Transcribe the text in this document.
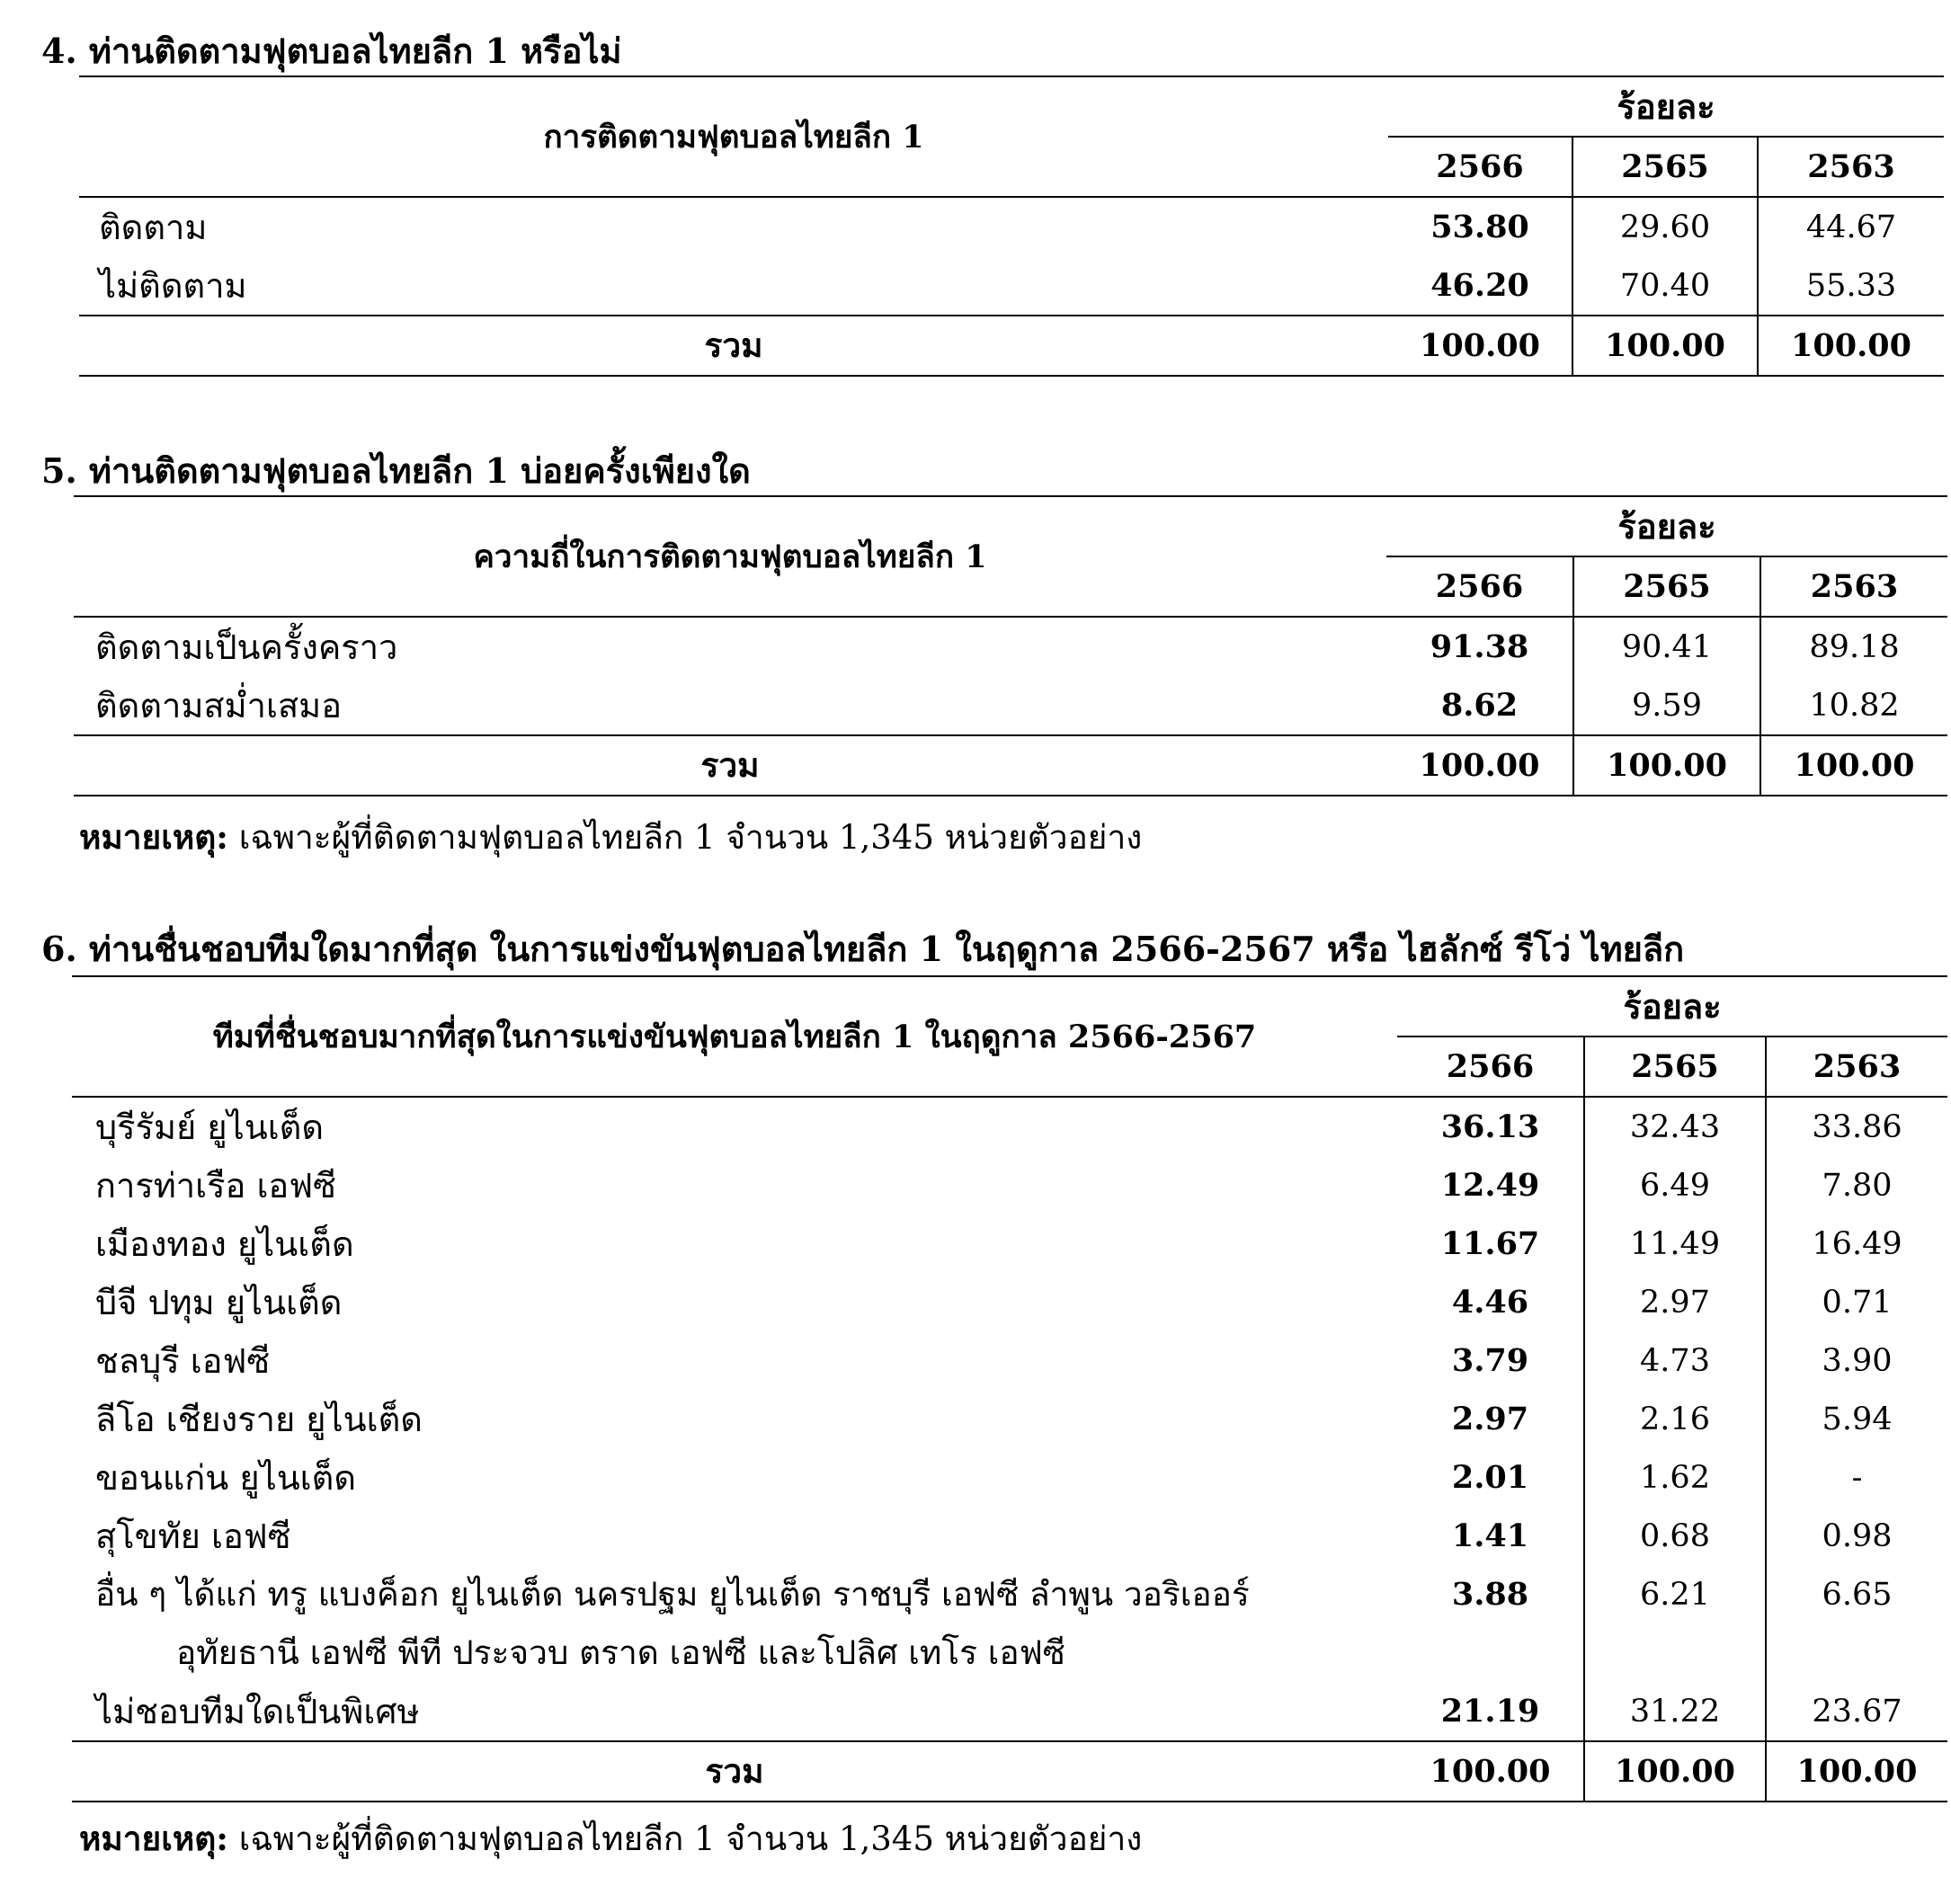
4. ท่านติดตามฟุตบอลไทยลีก 1 หรือไม่
การติดตามฟุตบอลไทยลีก 1	ร้อยละ		
	2566	2565	2563
ติดตาม	53.80	29.60	44.67
ไม่ติดตาม	46.20	70.40	55.33
รวม	100.00	100.00	100.00
5. ท่านติดตามฟุตบอลไทยลีก 1 บ่อยครั้งเพียงใด
ความถี่ในการติดตามฟุตบอลไทยลีก 1	ร้อยละ		
	2566	2565	2563
ติดตามเป็นครั้งคราว	91.38	90.41	89.18
ติดตามสม่ำเสมอ	8.62	9.59	10.82
รวม	100.00	100.00	100.00
หมายเหตุ: เฉพาะผู้ที่ติดตามฟุตบอลไทยลีก 1 จำนวน 1,345 หน่วยตัวอย่าง
6. ท่านชื่นชอบทีมใดมากที่สุด ในการแข่งขันฟุตบอลไทยลีก 1 ในฤดูกาล 2566-2567 หรือ ไฮลักซ์ รีโว่ ไทยลีก
ทีมที่ชื่นชอบมากที่สุดในการแข่งขันฟุตบอลไทยลีก 1 ในฤดูกาล 2566-2567	ร้อยละ		
	2566	2565	2563
บุรีรัมย์ ยูไนเต็ด	36.13	32.43	33.86
การท่าเรือ เอฟซี	12.49	6.49	7.80
เมืองทอง ยูไนเต็ด	11.67	11.49	16.49
บีจี ปทุม ยูไนเต็ด	4.46	2.97	0.71
ชลบุรี เอฟซี	3.79	4.73	3.90
ลีโอ เชียงราย ยูไนเต็ด	2.97	2.16	5.94
ขอนแก่น ยูไนเต็ด	2.01	1.62	-
สุโขทัย เอฟซี	1.41	0.68	0.98
อื่น ๆ ได้แก่ ทรู แบงค็อก ยูไนเต็ด นครปฐม ยูไนเต็ด ราชบุรี เอฟซี ลำพูน วอริเออร์	3.88	6.21	6.65
อุทัยธานี เอฟซี พีที ประจวบ ตราด เอฟซี และโปลิศ เทโร เอฟซี			
ไม่ชอบทีมใดเป็นพิเศษ	21.19	31.22	23.67
รวม	100.00	100.00	100.00
หมายเหตุ: เฉพาะผู้ที่ติดตามฟุตบอลไทยลีก 1 จำนวน 1,345 หน่วยตัวอย่าง
